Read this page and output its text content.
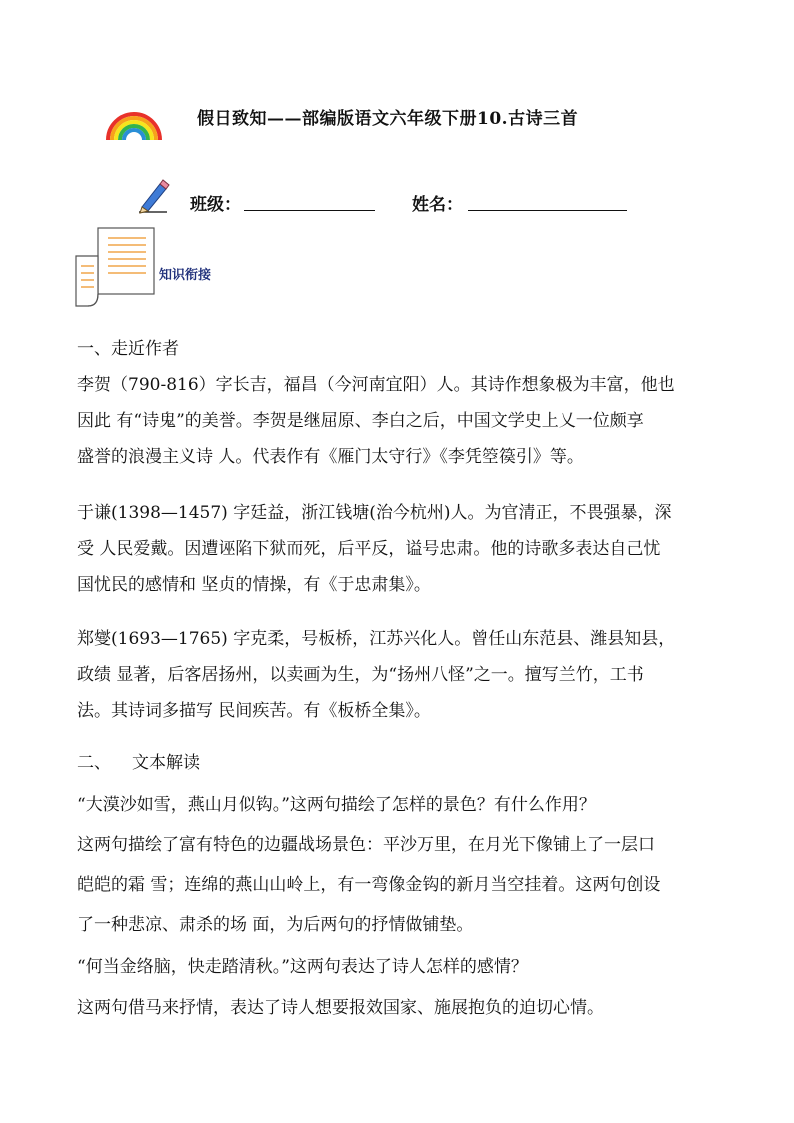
假日致知——部编版语文六年级下册10.古诗三首
班级：	姓名：
知识衔接
一、走近作者
李贺（790-816）字长吉，福昌（今河南宜阳）人。其诗作想象极为丰富，他也
因此 有“诗鬼”的美誉。李贺是继屈原、李白之后，中国文学史上乂一位颇享
盛誉的浪漫主义诗 人。代表作有《雁门太守行》《李凭箜篌引》等。
于谦(1398—1457) 字廷益，浙江钱塘(治今杭州)人。为官清正，不畏强暴，深
受 人民爱戴。因遭诬陷下狱而死，后平反，谥号忠肃。他的诗歌多表达自己忧
国忧民的感情和 坚贞的情操，有《于忠肃集》。
郑燮(1693—1765) 字克柔，号板桥，江苏兴化人。曾任山东范县、潍县知县，
政绩 显著，后客居扬州，以卖画为生，为“扬州八怪”之一。擅写兰竹，工书
法。其诗词多描写 民间疾苦。有《板桥全集》。
二、	文本解读
“大漠沙如雪，燕山月似钩。”这两句描绘了怎样的景色？有什么作用？
这两句描绘了富有特色的边疆战场景色：平沙万里，在月光下像铺上了一层口
皑皑的霜 雪；连绵的燕山山岭上，有一弯像金钩的新月当空挂着。这两句创设
了一种悲凉、肃杀的场 面，为后两句的抒情做铺垫。
“何当金络脑，快走踏清秋。”这两句表达了诗人怎样的感情？
这两句借马来抒情，表达了诗人想要报效国家、施展抱负的迫切心情。
